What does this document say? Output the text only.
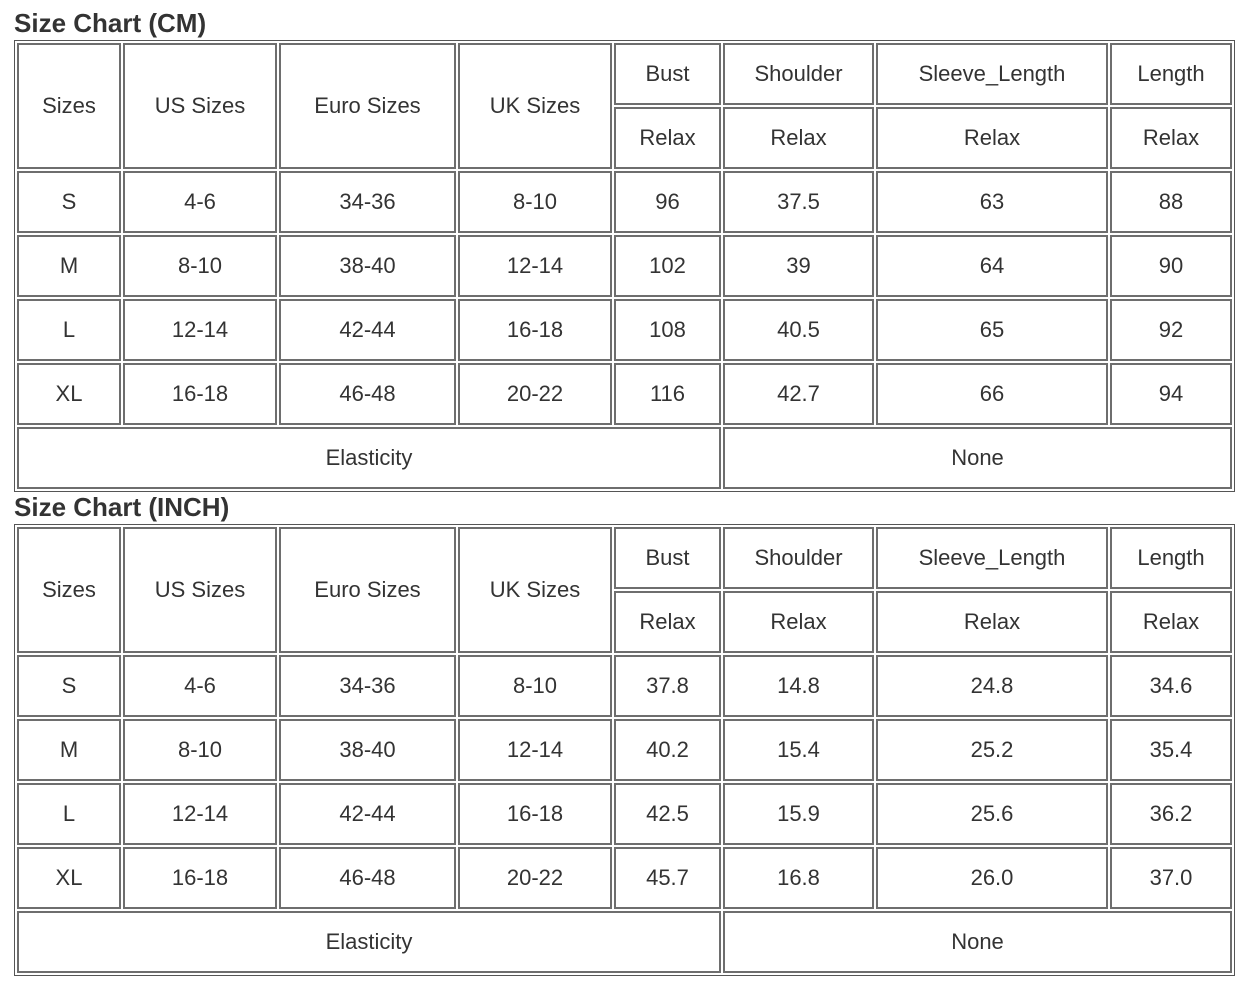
Size Chart (CM)
Sizes	US Sizes	Euro Sizes	UK Sizes	Bust	Shoulder	Sleeve_Length	Length
				Relax	Relax	Relax	Relax
S	4-6	34-36	8-10	96	37.5	63	88
M	8-10	38-40	12-14	102	39	64	90
L	12-14	42-44	16-18	108	40.5	65	92
XL	16-18	46-48	20-22	116	42.7	66	94
Elasticity					None		
Size Chart (INCH)
Sizes	US Sizes	Euro Sizes	UK Sizes	Bust	Shoulder	Sleeve_Length	Length
				Relax	Relax	Relax	Relax
S	4-6	34-36	8-10	37.8	14.8	24.8	34.6
M	8-10	38-40	12-14	40.2	15.4	25.2	35.4
L	12-14	42-44	16-18	42.5	15.9	25.6	36.2
XL	16-18	46-48	20-22	45.7	16.8	26.0	37.0
Elasticity					None		
